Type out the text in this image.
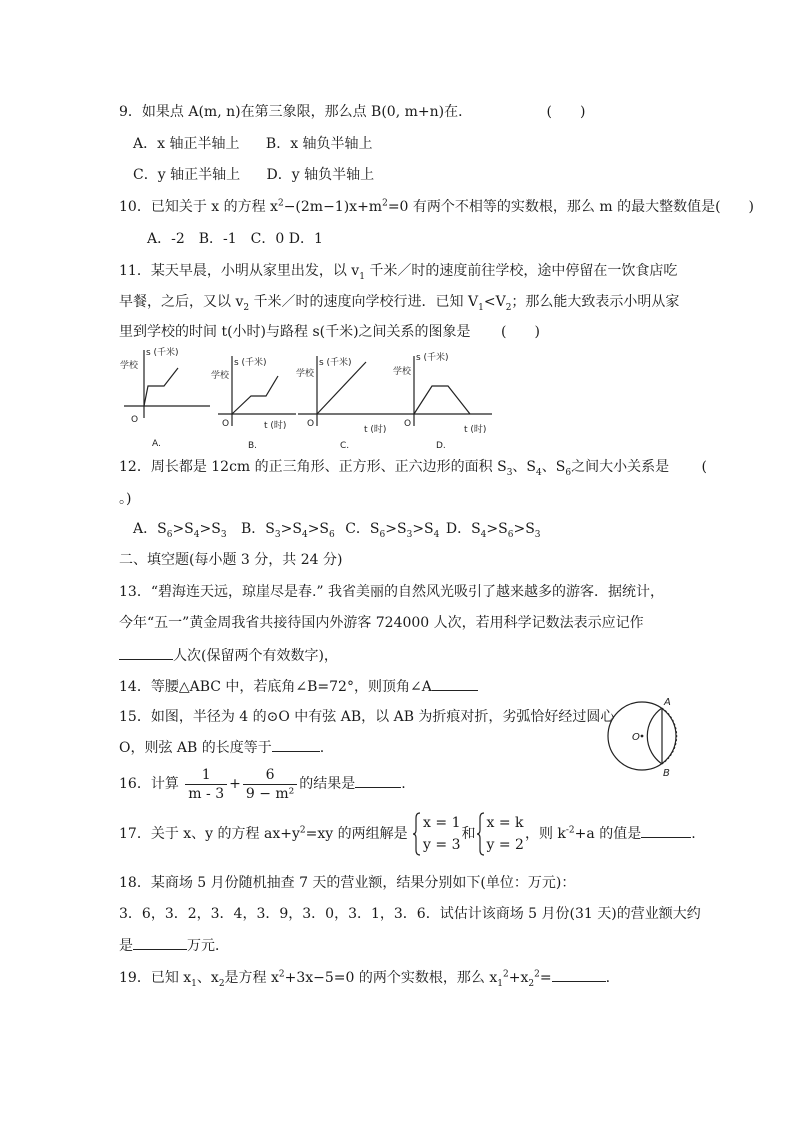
9．如果点 A(m, n)在第三象限，那么点 B(0, m+n)在．	(　　)
A．x 轴正半轴上 B．x 轴负半轴上
C．y 轴正半轴上 D．y 轴负半轴上
10．已知关于 x 的方程 $x^2-(2m-1)x+m^2=0$ 有两个不相等的实数根，那么 m 的最大整数值是(　　)
A．-2　B．-1　C．0 D．1
11．某天早晨，小明从家里出发，以 $v_1$ 千米／时的速度前往学校，途中停留在一饮食店吃
早餐，之后，又以 $v_2$ 千米／时的速度向学校行进．已知 $V_1<V_2$；那么能大致表示小明从家
里到学校的时间 t(小时)与路程 s(千米)之间关系的图象是 (　　)
s (千米)
学校
O
A.
s (千米)
学校
O	t (时)
B.
s (千米)
学校
O
t (时)
C.
s (千米)
学校
O
t (时)
D.
12．周长都是 12cm 的正三角形、正方形、正六边形的面积 $S_3$、$S_4$、$S_6$之间大小关系是 (
。)
A．$S_6>S_4>S_3$ B．$S_3>S_4>S_6$ C．$S_6>S_3>S_4$ D．$S_4>S_6>S_3$
二、填空题(每小题 3 分，共 24 分)
13．“碧海连天远，琼崖尽是春.” 我省美丽的自然风光吸引了越来越多的游客．据统计，
今年“五一”黄金周我省共接待国内外游客 724000 人次，若用科学记数法表示应记作
人次(保留两个有效数字)，
14．等腰△ABC 中，若底角∠B=72°，则顶角∠A
15．如图，半径为 4 的⊙O 中有弦 AB，以 AB 为折痕对折，劣弧恰好经过圆心
O，则弦 AB 的长度等于	.
O
A
B
16．计算 $\frac{1}{m - 3} + \frac{6}{\text{9 − m²}}$ 的结果是	.
17．关于 x、y 的方程 $ax+y^2=xy$ 的两组解是
x = 1
y = 3
和
x = k
y = 2
，则 $k^{-2}+a$ 的值是	.
18．某商场 5 月份随机抽查 7 天的营业额，结果分别如下(单位：万元)：
3．6，3．2，3．4，3．9，3．0，3．1，3．6．试估计该商场 5 月份(31 天)的营业额大约
是	万元．
19．已知 $x_1$、$x_2$是方程 $x^2+3x-5=0$ 的两个实数根，那么 $x_1^2+x_2^2=$	.
